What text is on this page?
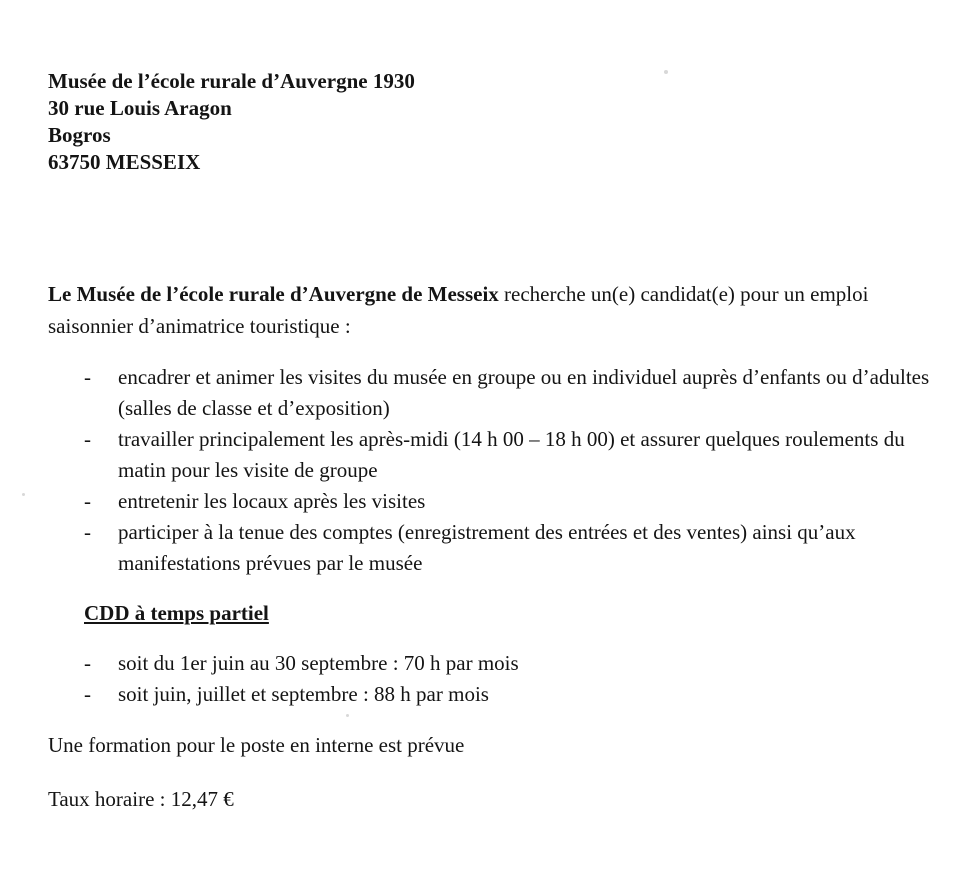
Musée de l’école rurale d’Auvergne 1930
30 rue Louis Aragon
Bogros
63750 MESSEIX
Le Musée de l’école rurale d’Auvergne de Messeix recherche un(e) candidat(e) pour un emploi saisonnier d’animatrice touristique :
- encadrer et animer les visites du musée en groupe ou en individuel auprès d’enfants ou d’adultes (salles de classe et d’exposition)
- travailler principalement les après-midi (14 h 00 – 18 h 00) et assurer quelques roulements du matin pour les visite de groupe
- entretenir les locaux après les visites
- participer à la tenue des comptes (enregistrement des entrées et des ventes) ainsi qu’aux manifestations prévues par le musée
CDD à temps partiel
- soit du 1er juin au 30 septembre : 70 h par mois
- soit juin, juillet et septembre : 88 h par mois
Une formation pour le poste en interne est prévue
Taux horaire : 12,47 €
